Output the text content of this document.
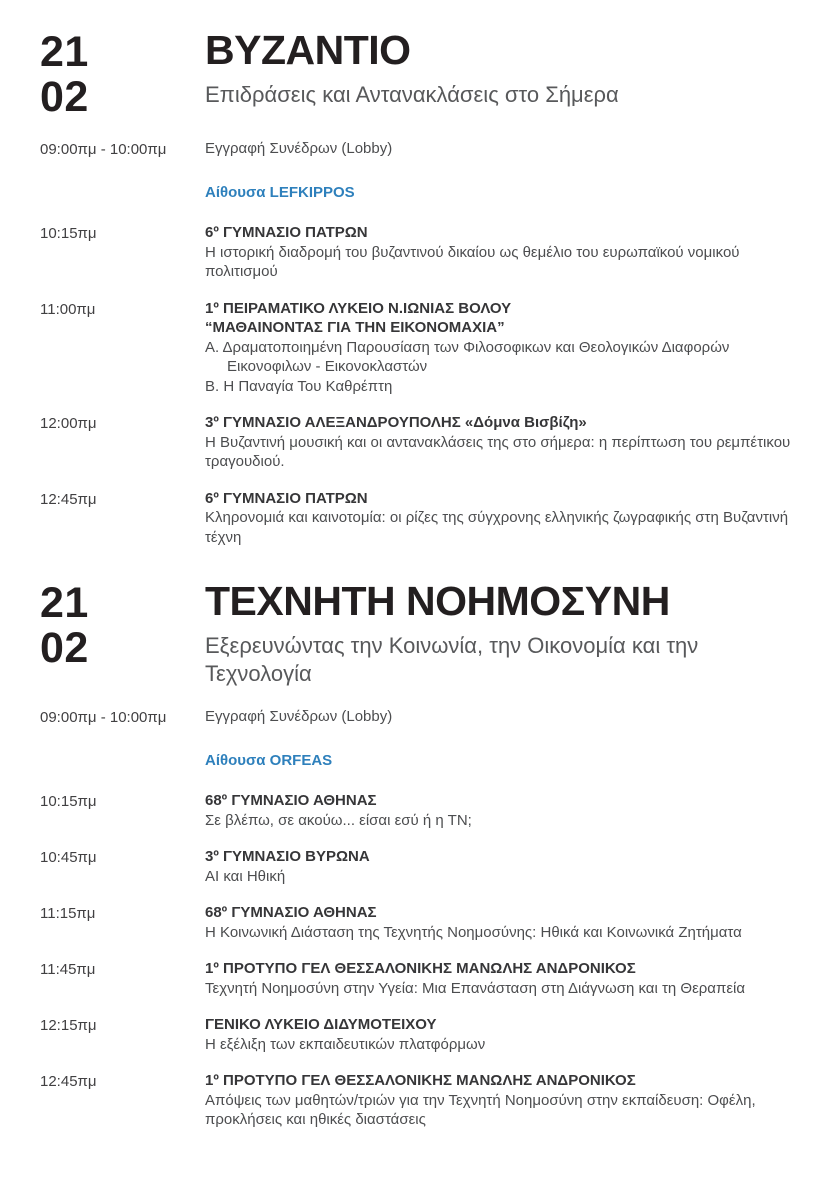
21
02
ΒΥΖΑΝΤΙΟ

Επιδράσεις και Αντανακλάσεις στο Σήμερα

09:00πμ - 10:00πμ	Εγγραφή Συνέδρων (Lobby)
Αίθουσα LEFKIPPOS
10:15πμ	6º ΓΥΜΝΑΣΙΟ ΠΑΤΡΩΝ
Η ιστορική διαδρομή του βυζαντινού δικαίου ως θεμέλιο του ευρωπαϊκού νομικού πολιτισμού
11:00πμ	1º ΠΕΙΡΑΜΑΤΙΚΟ ΛΥΚΕΙΟ Ν.ΙΩΝΙΑΣ ΒΟΛΟΥ
“ΜΑΘΑΙΝΟΝΤΑΣ ΓΙΑ ΤΗΝ ΕΙΚΟΝΟΜΑΧΙΑ”
Α. Δραματοποιημένη Παρουσίαση των Φιλοσοφικων και Θεολογικών Διαφορών
Εικονοφιλων - Εικονοκλαστών
Β. Η Παναγία Του Καθρέπτη
12:00πμ	3º ΓΥΜΝΑΣΙΟ ΑΛΕΞΑΝΔΡΟΥΠΟΛΗΣ «Δόμνα Βισβίζη»
Η Βυζαντινή μουσική και οι αντανακλάσεις της στο σήμερα: η περίπτωση του ρεμπέτικου τραγουδιού.
12:45πμ	6º ΓΥΜΝΑΣΙΟ ΠΑΤΡΩΝ
Κληρονομιά και καινοτομία: οι ρίζες της σύγχρονης ελληνικής ζωγραφικής στη Βυζαντινή τέχνη
21
02
ΤΕΧΝΗΤΗ ΝΟΗΜΟΣΥΝΗ

Εξερευνώντας την Κοινωνία, την Οικονομία και την Τεχνολογία

09:00πμ - 10:00πμ	Εγγραφή Συνέδρων (Lobby)
Αίθουσα ORFEAS
10:15πμ	68º ΓΥΜΝΑΣΙΟ ΑΘΗΝΑΣ
Σε βλέπω, σε ακούω... είσαι εσύ ή η ΤΝ;
10:45πμ	3º ΓΥΜΝΑΣΙΟ ΒΥΡΩΝΑ
AI και Ηθική
11:15πμ	68º ΓΥΜΝΑΣΙΟ ΑΘΗΝΑΣ
Η Κοινωνική Διάσταση της Τεχνητής Νοημοσύνης: Ηθικά και Κοινωνικά Ζητήματα
11:45πμ	1º ΠΡΟΤΥΠΟ ΓΕΛ ΘΕΣΣΑΛΟΝΙΚΗΣ ΜΑΝΩΛΗΣ ΑΝΔΡΟΝΙΚΟΣ
Τεχνητή Νοημοσύνη στην Υγεία: Μια Επανάσταση στη Διάγνωση και τη Θεραπεία
12:15πμ	ΓΕΝΙΚΟ ΛΥΚΕΙΟ ΔΙΔΥΜΟΤΕΙΧΟΥ
Η εξέλιξη των εκπαιδευτικών πλατφόρμων
12:45πμ	1º ΠΡΟΤΥΠΟ ΓΕΛ ΘΕΣΣΑΛΟΝΙΚΗΣ ΜΑΝΩΛΗΣ ΑΝΔΡΟΝΙΚΟΣ
Απόψεις των μαθητών/τριών για την Τεχνητή Νοημοσύνη στην εκπαίδευση: Οφέλη, προκλήσεις και ηθικές διαστάσεις
